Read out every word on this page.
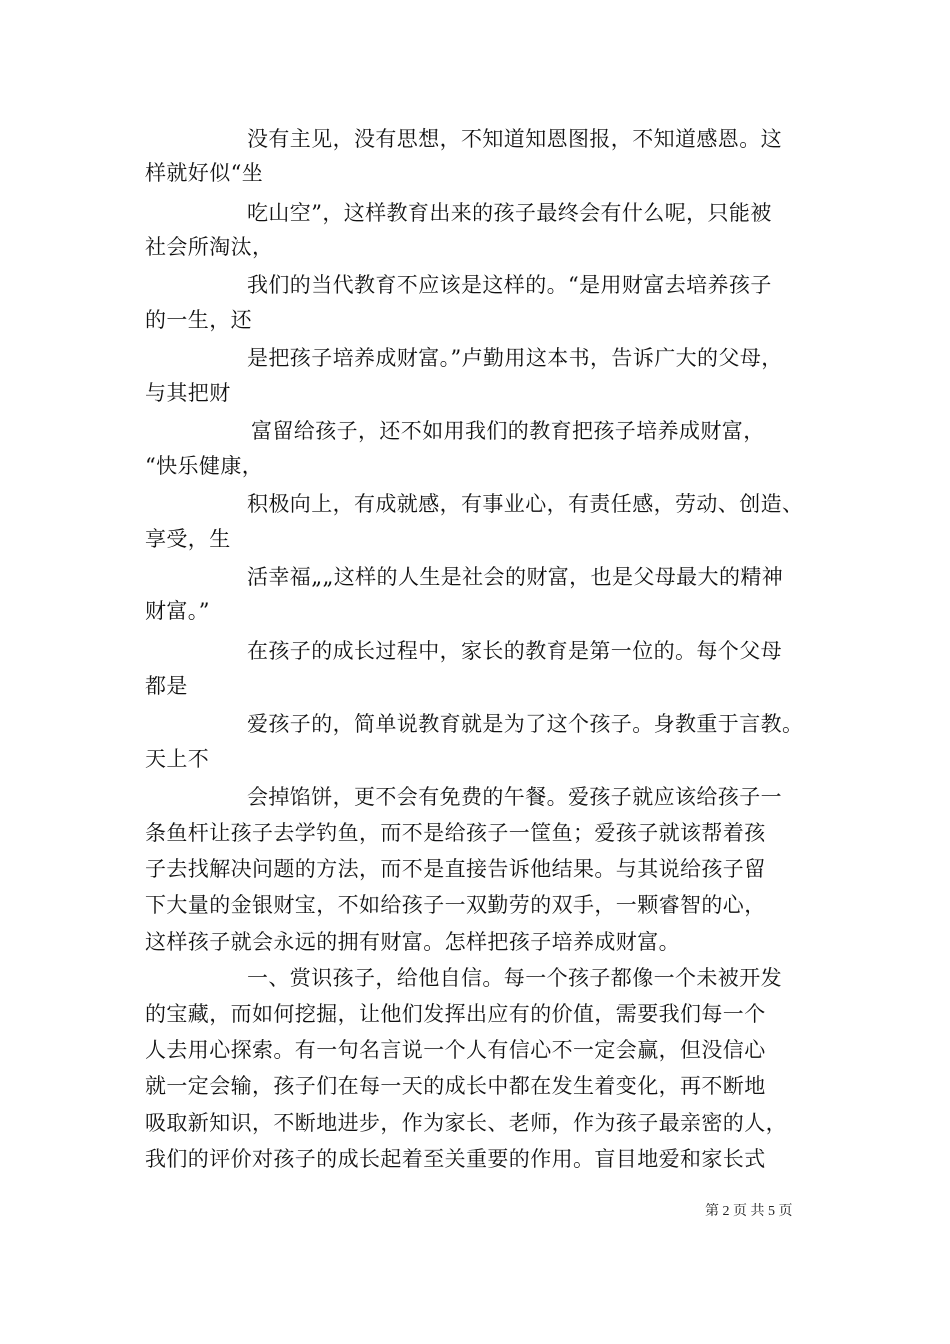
没有主见，没有思想，不知道知恩图报，不知道感恩。这

样就好似“坐

吃山空”，这样教育出来的孩子最终会有什么呢，只能被

社会所淘汰，

我们的当代教育不应该是这样的。“是用财富去培养孩子

的一生，还

是把孩子培养成财富。”卢勤用这本书，告诉广大的父母，

与其把财

富留给孩子，还不如用我们的教育把孩子培养成财富，

“快乐健康，

积极向上，有成就感，有事业心，有责任感，劳动、创造、

享受，生

活幸福„„这样的人生是社会的财富，也是父母最大的精神

财富。”

在孩子的成长过程中，家长的教育是第一位的。每个父母

都是

爱孩子的，简单说教育就是为了这个孩子。身教重于言教。

天上不

会掉馅饼，更不会有免费的午餐。爱孩子就应该给孩子一

条鱼杆让孩子去学钓鱼，而不是给孩子一筐鱼；爱孩子就该帮着孩

子去找解决问题的方法，而不是直接告诉他结果。与其说给孩子留

下大量的金银财宝，不如给孩子一双勤劳的双手，一颗睿智的心，

这样孩子就会永远的拥有财富。怎样把孩子培养成财富。

一、赏识孩子，给他自信。每一个孩子都像一个未被开发

的宝藏，而如何挖掘，让他们发挥出应有的价值，需要我们每一个

人去用心探索。有一句名言说一个人有信心不一定会赢，但没信心

就一定会输，孩子们在每一天的成长中都在发生着变化，再不断地

吸取新知识，不断地进步，作为家长、老师，作为孩子最亲密的人，

我们的评价对孩子的成长起着至关重要的作用。盲目地爱和家长式

第 2 页 共 5 页
